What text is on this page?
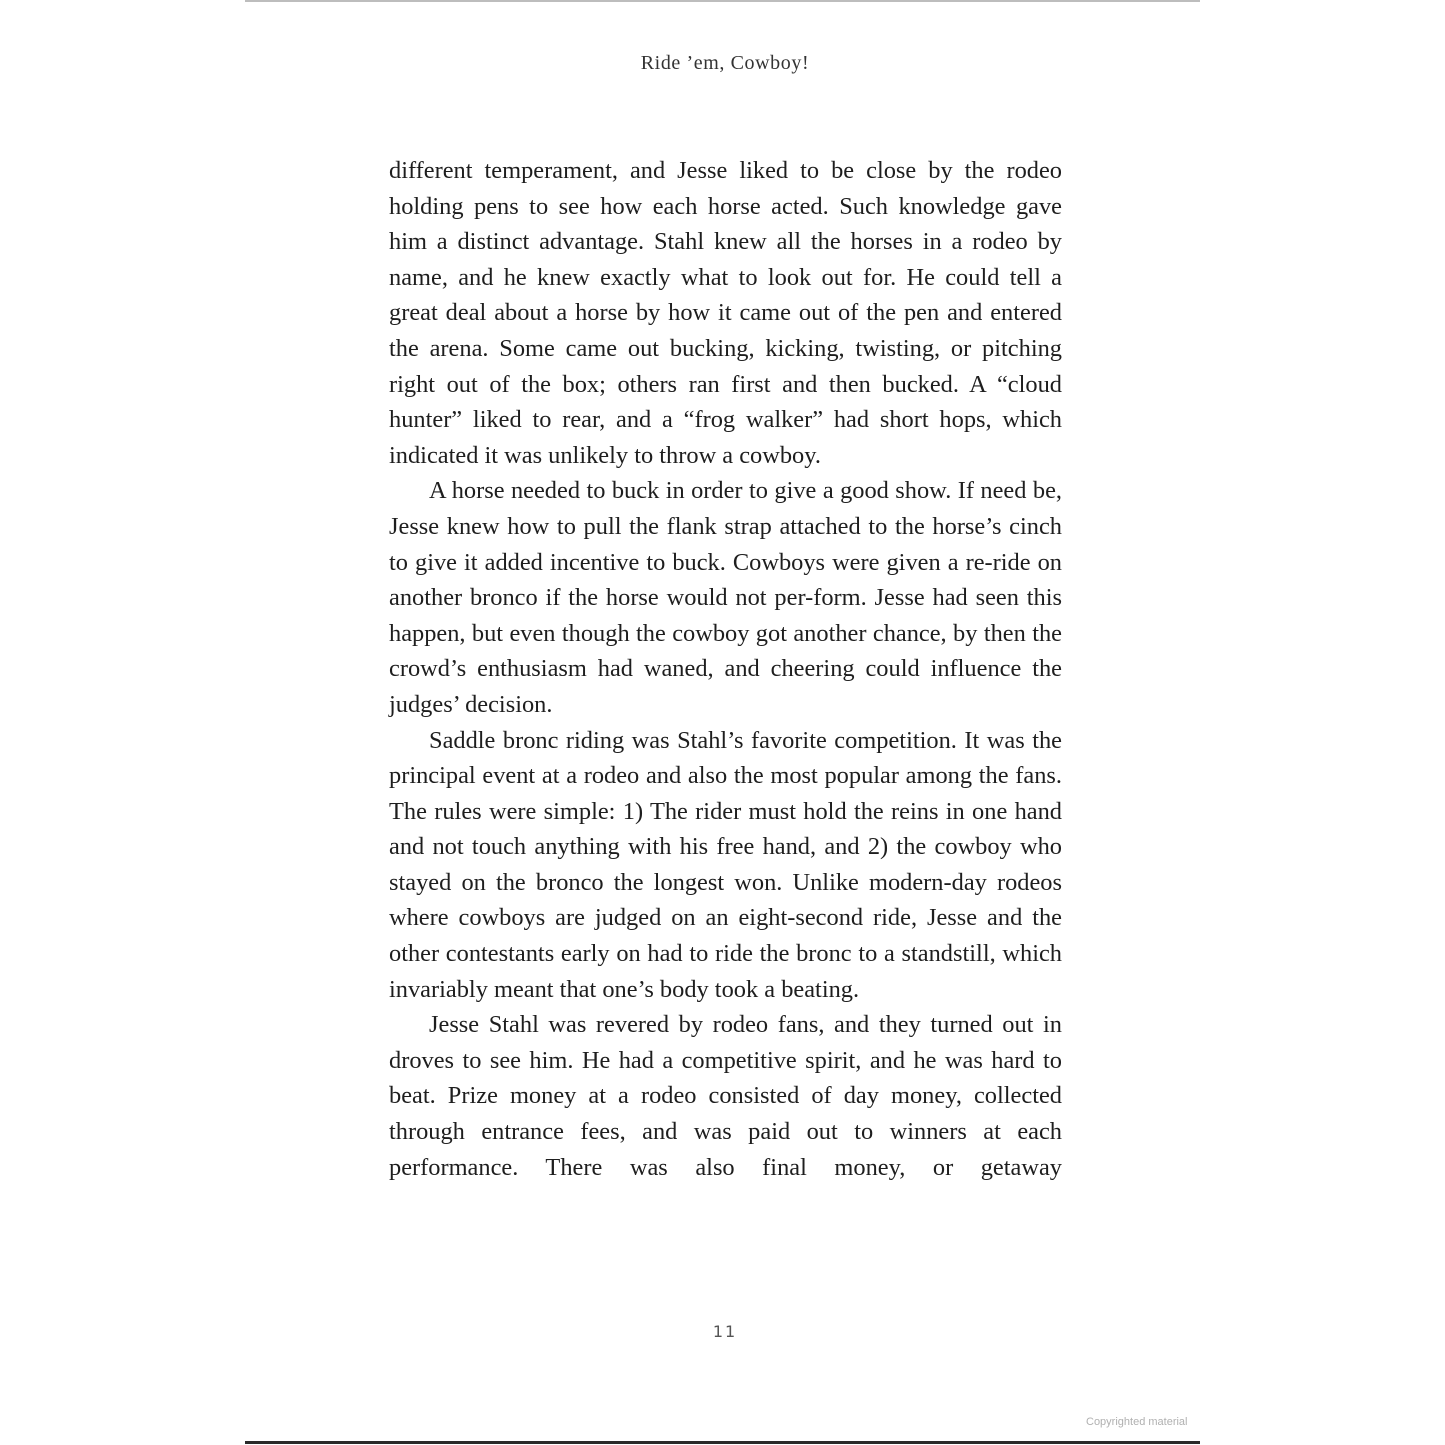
Ride ’em, Cowboy!

different temperament, and Jesse liked to be close by the rodeo holding pens to see how each horse acted. Such knowledge gave him a distinct advantage. Stahl knew all the horses in a rodeo by name, and he knew exactly what to look out for. He could tell a great deal about a horse by how it came out of the pen and entered the arena. Some came out bucking, kicking, twisting, or pitching right out of the box; others ran first and then bucked. A “cloud hunter” liked to rear, and a “frog walker” had short hops, which indicated it was unlikely to throw a cowboy.

A horse needed to buck in order to give a good show. If need be, Jesse knew how to pull the flank strap attached to the horse’s cinch to give it added incentive to buck. Cowboys were given a re-ride on another bronco if the horse would not per-form. Jesse had seen this happen, but even though the cowboy got another chance, by then the crowd’s enthusiasm had waned, and cheering could influence the judges’ decision.

Saddle bronc riding was Stahl’s favorite competition. It was the principal event at a rodeo and also the most popular among the fans. The rules were simple: 1) The rider must hold the reins in one hand and not touch anything with his free hand, and 2) the cowboy who stayed on the bronco the longest won. Unlike modern-day rodeos where cowboys are judged on an eight-second ride, Jesse and the other contestants early on had to ride the bronc to a standstill, which invariably meant that one’s body took a beating.

Jesse Stahl was revered by rodeo fans, and they turned out in droves to see him. He had a competitive spirit, and he was hard to beat. Prize money at a rodeo consisted of day money, collected through entrance fees, and was paid out to winners at each performance. There was also final money, or getaway

11
Copyrighted material
